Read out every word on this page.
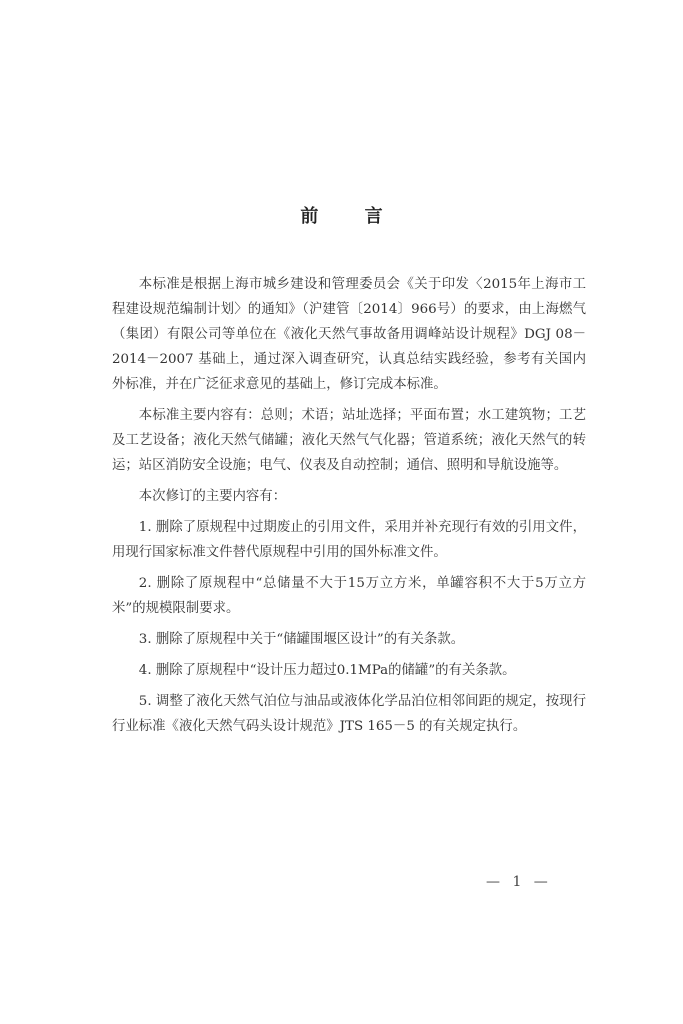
前 言

本标准是根据上海市城乡建设和管理委员会《关于印发〈2015年上海市工程建设规范编制计划〉的通知》（沪建管〔2014〕966号）的要求，由上海燃气（集团）有限公司等单位在《液化天然气事故备用调峰站设计规程》DGJ 08－2014－2007 基础上，通过深入调查研究，认真总结实践经验，参考有关国内外标准，并在广泛征求意见的基础上，修订完成本标准。

本标准主要内容有：总则；术语；站址选择；平面布置；水工建筑物；工艺及工艺设备；液化天然气储罐；液化天然气气化器；管道系统；液化天然气的转运；站区消防安全设施；电气、仪表及自动控制；通信、照明和导航设施等。

本次修订的主要内容有：

1. 删除了原规程中过期废止的引用文件，采用并补充现行有效的引用文件，用现行国家标准文件替代原规程中引用的国外标准文件。

2. 删除了原规程中“总储量不大于15万立方米，单罐容积不大于5万立方米”的规模限制要求。

3. 删除了原规程中关于“储罐围堰区设计”的有关条款。

4. 删除了原规程中“设计压力超过0.1MPa的储罐”的有关条款。

5. 调整了液化天然气泊位与油品或液体化学品泊位相邻间距的规定，按现行行业标准《液化天然气码头设计规范》JTS 165－5 的有关规定执行。

— 1 —
